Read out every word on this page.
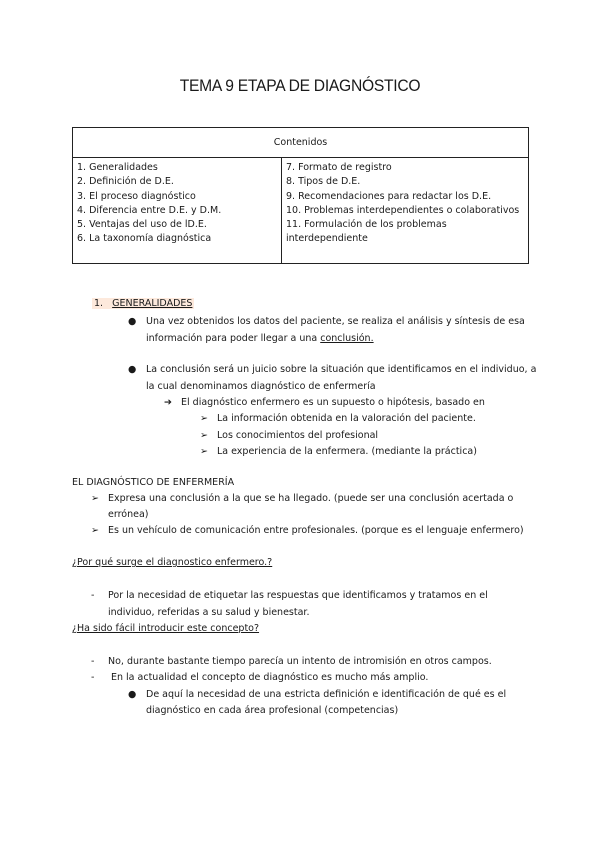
TEMA 9 ETAPA DE DIAGNÓSTICO
Contenidos
1. Generalidades
2. Definición de D.E.
3. El proceso diagnóstico
4. Diferencia entre D.E. y D.M.
5. Ventajas del uso de lD.E.
6. La taxonomía diagnóstica
7. Formato de registro
8. Tipos de D.E.
9. Recomendaciones para redactar los D.E.
10. Problemas interdependientes o colaborativos
11. Formulación de los problemas
interdependiente
1. GENERALIDADES
● Una vez obtenidos los datos del paciente, se realiza el análisis y síntesis de esa
información para poder llegar a una conclusión.
● La conclusión será un juicio sobre la situación que identificamos en el individuo, a
la cual denominamos diagnóstico de enfermería
➔ El diagnóstico enfermero es un supuesto o hipótesis, basado en
➢ La información obtenida en la valoración del paciente.
➢ Los conocimientos del profesional
➢ La experiencia de la enfermera. (mediante la práctica)
EL DIAGNÓSTICO DE ENFERMERÍA
➢ Expresa una conclusión a la que se ha llegado. (puede ser una conclusión acertada o
errónea)
➢ Es un vehículo de comunicación entre profesionales. (porque es el lenguaje enfermero)
¿Por qué surge el diagnostico enfermero.?
- Por la necesidad de etiquetar las respuestas que identificamos y tratamos en el
individuo, referidas a su salud y bienestar.
¿Ha sido fácil introducir este concepto?
- No, durante bastante tiempo parecía un intento de intromisión en otros campos.
- En la actualidad el concepto de diagnóstico es mucho más amplio.
● De aquí la necesidad de una estricta definición e identificación de qué es el
diagnóstico en cada área profesional (competencias)
